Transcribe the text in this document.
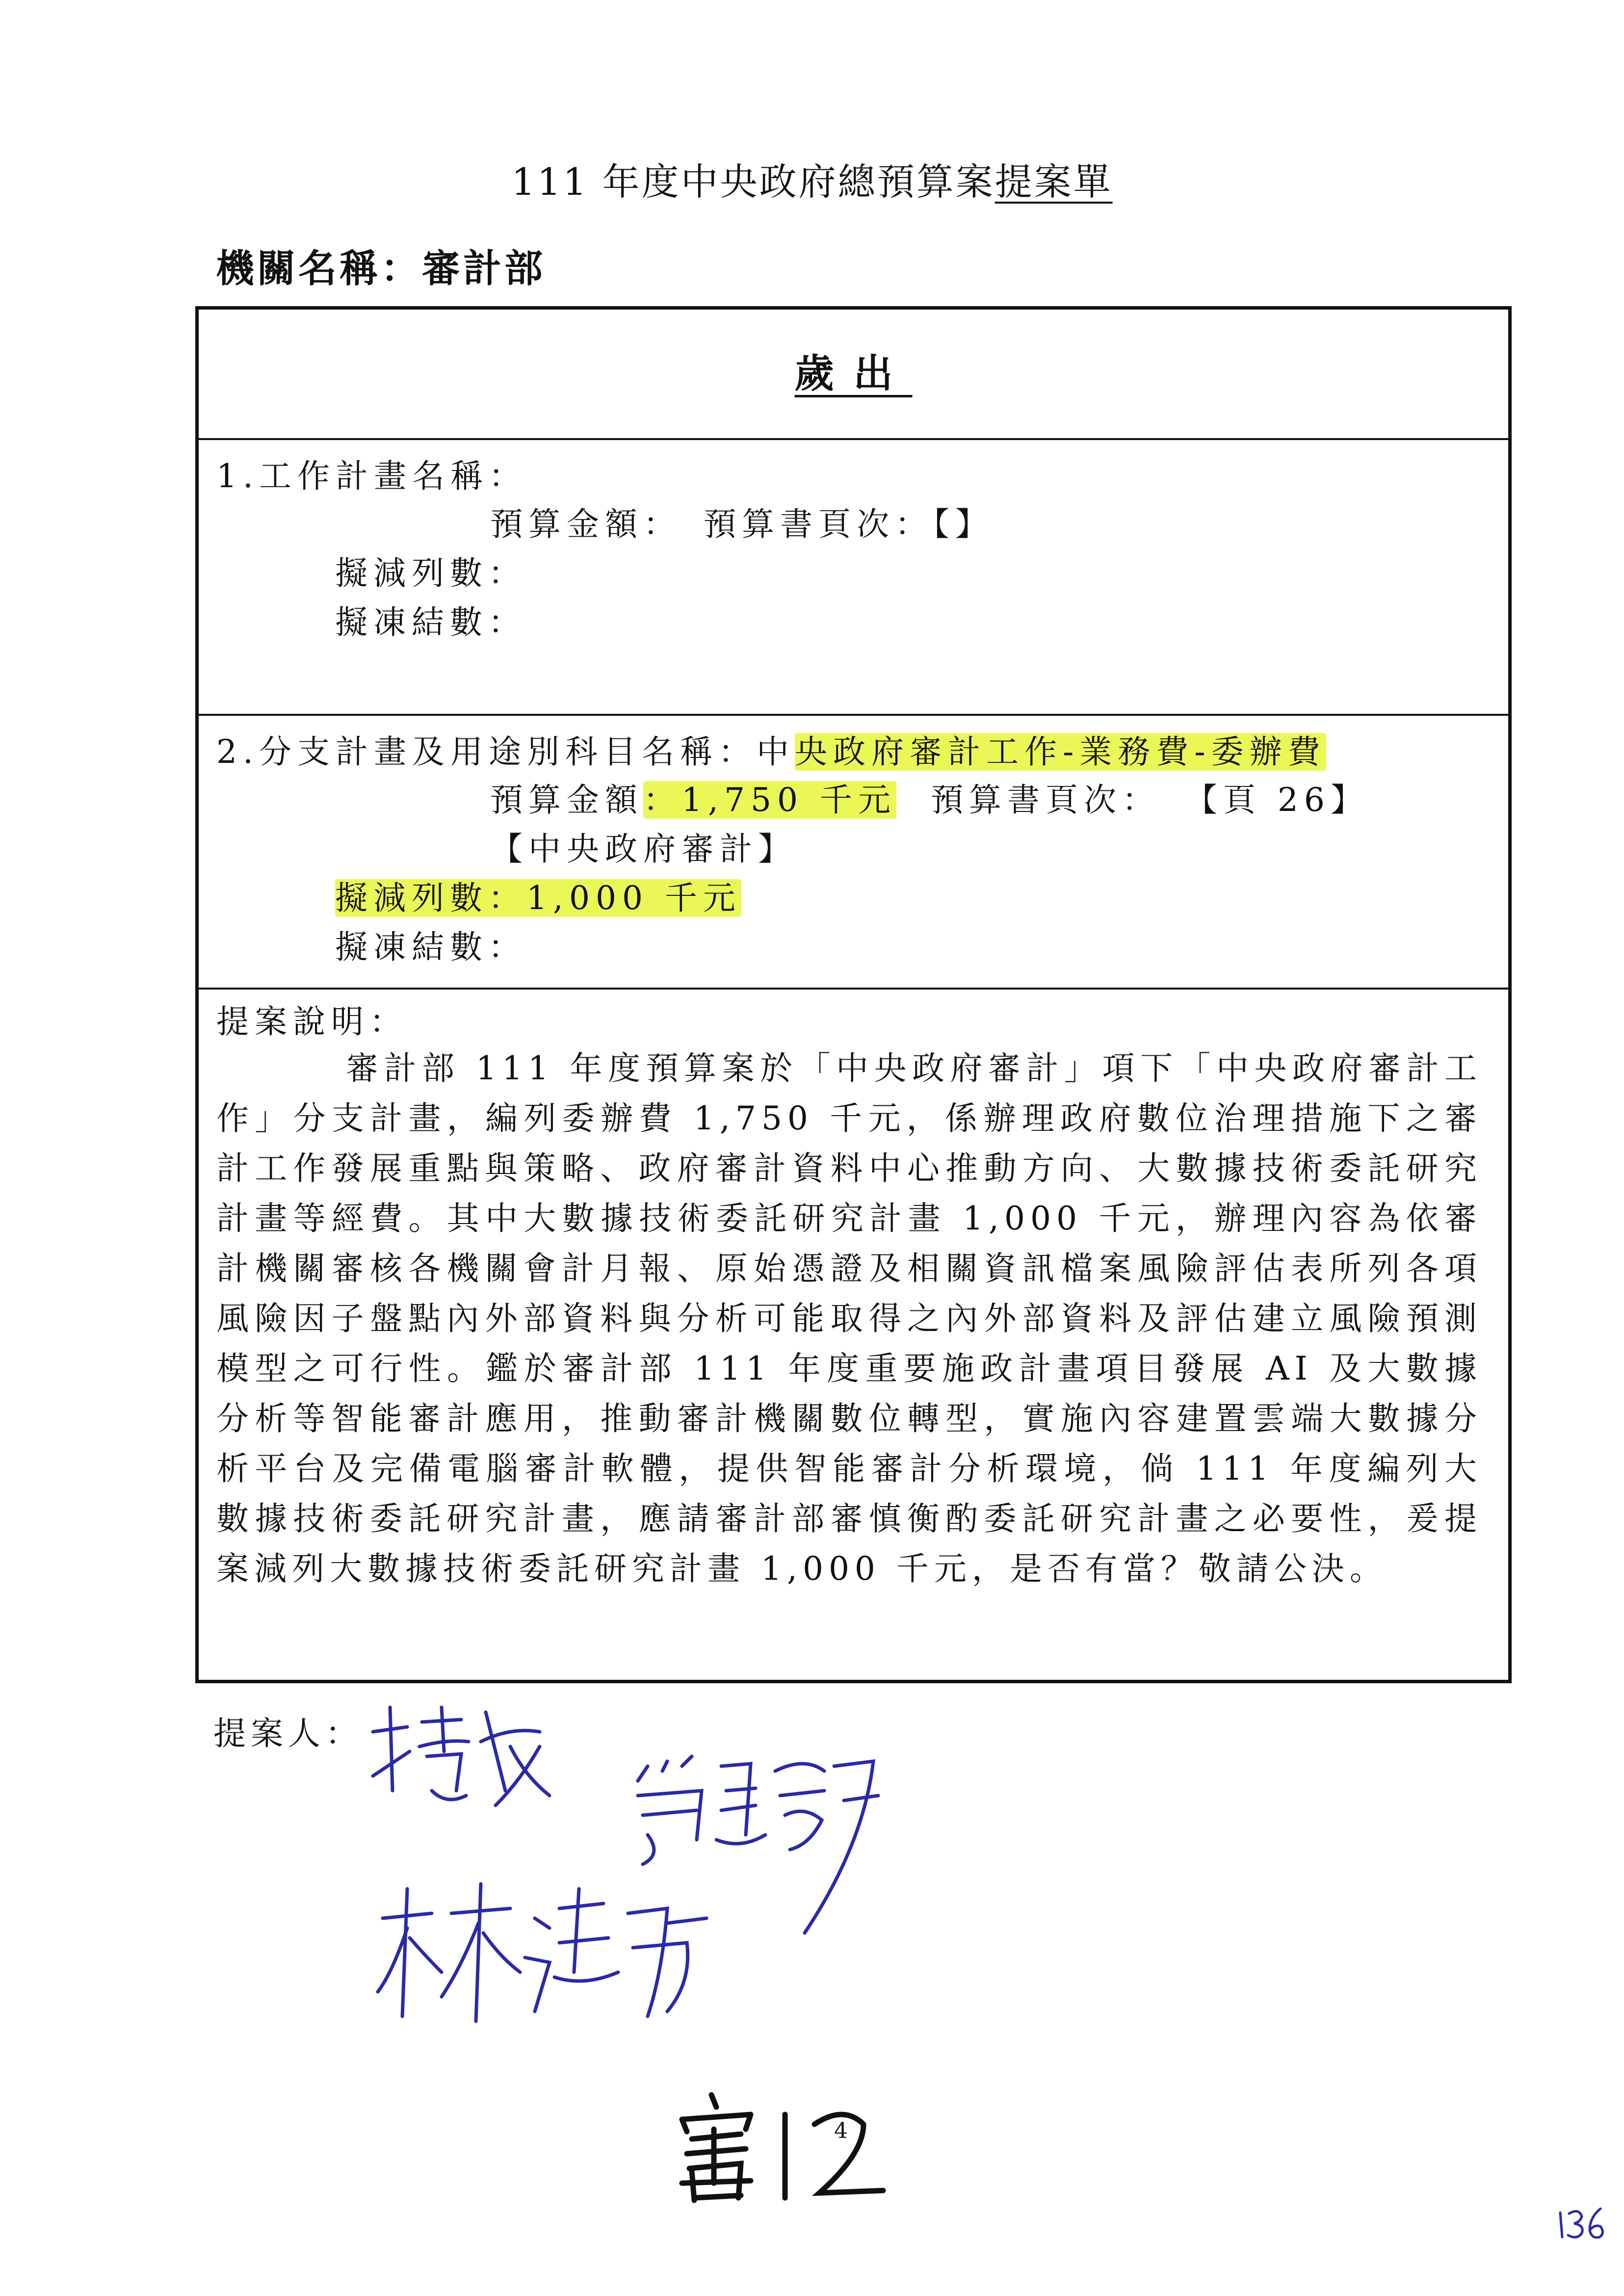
111 年度中央政府總預算案提案單
機關名稱：審計部
歲出
1.工作計畫名稱：
預算金額：　預算書頁次：【】
擬減列數：
擬凍結數：
2.分支計畫及用途別科目名稱：中央政府審計工作-業務費-委辦費
預算金額：1,750 千元 預算書頁次： 【頁 26】
【中央政府審計】
擬減列數：1,000 千元
擬凍結數：
提案說明：
審計部 111 年度預算案於「中央政府審計」項下「中央政府審計工作」分支計畫，編列委辦費 1,750 千元，係辦理政府數位治理措施下之審計工作發展重點與策略、政府審計資料中心推動方向、大數據技術委託研究計畫等經費。其中大數據技術委託研究計畫 1,000 千元，辦理內容為依審計機關審核各機關會計月報、原始憑證及相關資訊檔案風險評估表所列各項風險因子盤點內外部資料與分析可能取得之內外部資料及評估建立風險預測模型之可行性。鑑於審計部 111 年度重要施政計畫項目發展 AI 及大數據分析等智能審計應用，推動審計機關數位轉型，實施內容建置雲端大數據分析平台及完備電腦審計軟體，提供智能審計分析環境，倘 111 年度編列大數據技術委託研究計畫，應請審計部審慎衡酌委託研究計畫之必要性，爰提案減列大數據技術委託研究計畫 1,000 千元，是否有當？敬請公決。
提案人：
4
